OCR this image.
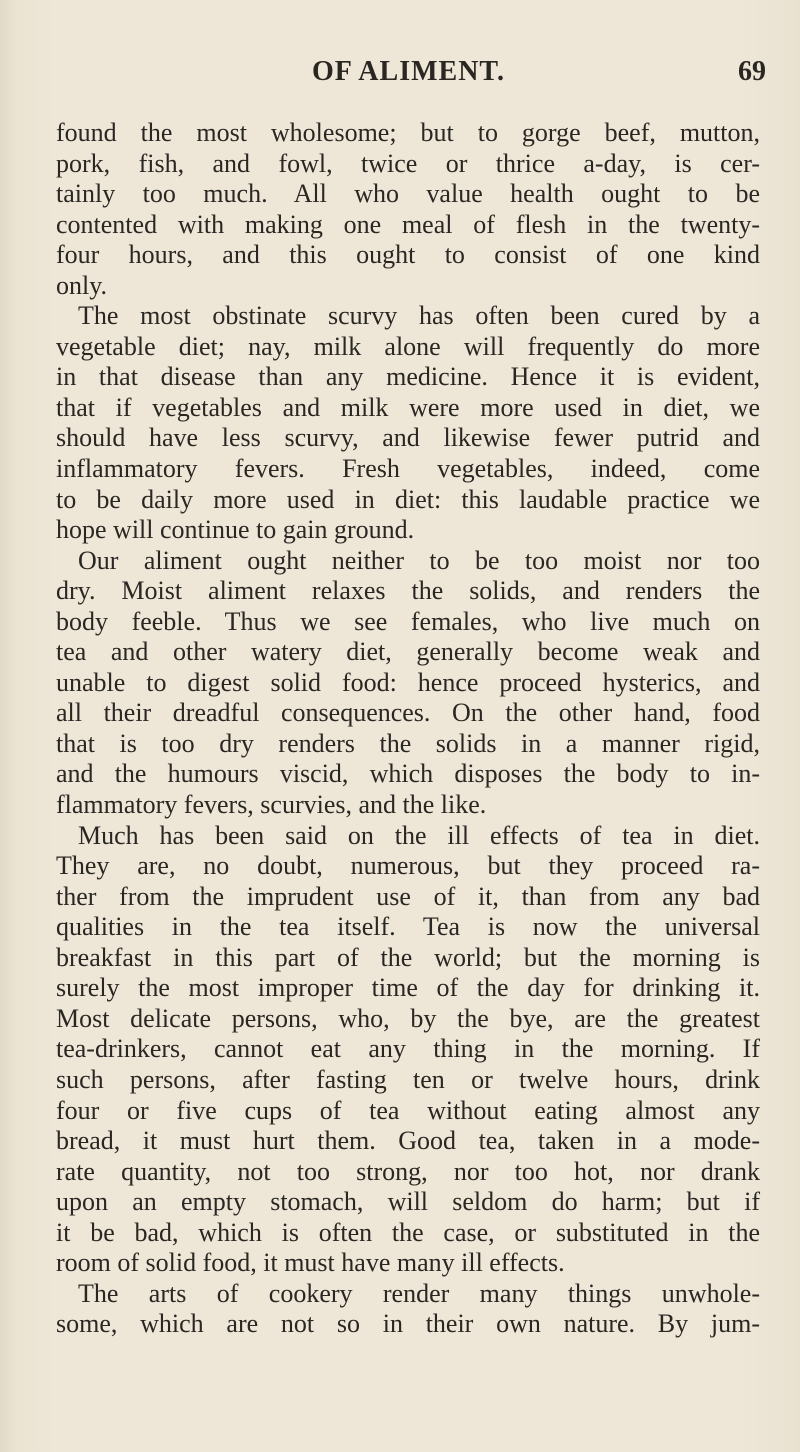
OF ALIMENT.	69
found the most wholesome; but to gorge beef, mutton,
pork, fish, and fowl, twice or thrice a-day, is cer-
tainly too much. All who value health ought to be
contented with making one meal of flesh in the twenty-
four hours, and this ought to consist of one kind
only.
The most obstinate scurvy has often been cured by a
vegetable diet; nay, milk alone will frequently do more
in that disease than any medicine. Hence it is evident,
that if vegetables and milk were more used in diet, we
should have less scurvy, and likewise fewer putrid and
inflammatory fevers. Fresh vegetables, indeed, come
to be daily more used in diet: this laudable practice we
hope will continue to gain ground.
Our aliment ought neither to be too moist nor too
dry. Moist aliment relaxes the solids, and renders the
body feeble. Thus we see females, who live much on
tea and other watery diet, generally become weak and
unable to digest solid food: hence proceed hysterics, and
all their dreadful consequences. On the other hand, food
that is too dry renders the solids in a manner rigid,
and the humours viscid, which disposes the body to in-
flammatory fevers, scurvies, and the like.
Much has been said on the ill effects of tea in diet.
They are, no doubt, numerous, but they proceed ra-
ther from the imprudent use of it, than from any bad
qualities in the tea itself. Tea is now the universal
breakfast in this part of the world; but the morning is
surely the most improper time of the day for drinking it.
Most delicate persons, who, by the bye, are the greatest
tea-drinkers, cannot eat any thing in the morning. If
such persons, after fasting ten or twelve hours, drink
four or five cups of tea without eating almost any
bread, it must hurt them. Good tea, taken in a mode-
rate quantity, not too strong, nor too hot, nor drank
upon an empty stomach, will seldom do harm; but if
it be bad, which is often the case, or substituted in the
room of solid food, it must have many ill effects.
The arts of cookery render many things unwhole-
some, which are not so in their own nature. By jum-
